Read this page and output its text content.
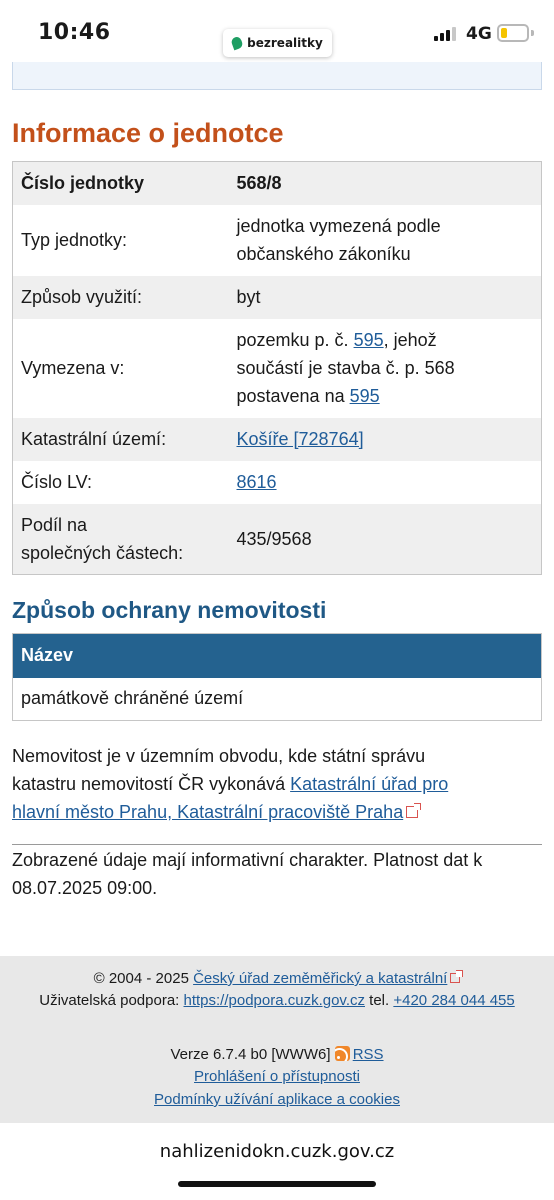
10:46	bezrealitky	4G
Informace o jednotce
Číslo jednotky	568/8
Typ jednotky:	jednotka vymezená podle
občanského zákoníku
Způsob využití:	byt
Vymezena v:	pozemku p. č. 595, jehož
součástí je stavba č. p. 568
postavena na 595
Katastrální území:	Košíře [728764]
Číslo LV:	8616
Podíl na
společných částech:	435/9568
Způsob ochrany nemovitosti
Název
památkově chráněné území
Nemovitost je v územním obvodu, kde státní správu
katastru nemovitostí ČR vykonává Katastrální úřad pro
hlavní město Prahu, Katastrální pracoviště Praha
Zobrazené údaje mají informativní charakter. Platnost dat k
08.07.2025 09:00.
© 2004 - 2025 Český úřad zeměměřický a katastrální
Uživatelská podpora: https://podpora.cuzk.gov.cz tel. +420 284 044 455
Verze 6.7.4 b0 [WWW6] RSS
Prohlášení o přístupnosti
Podmínky užívání aplikace a cookies
nahlizenidokn.cuzk.gov.cz
